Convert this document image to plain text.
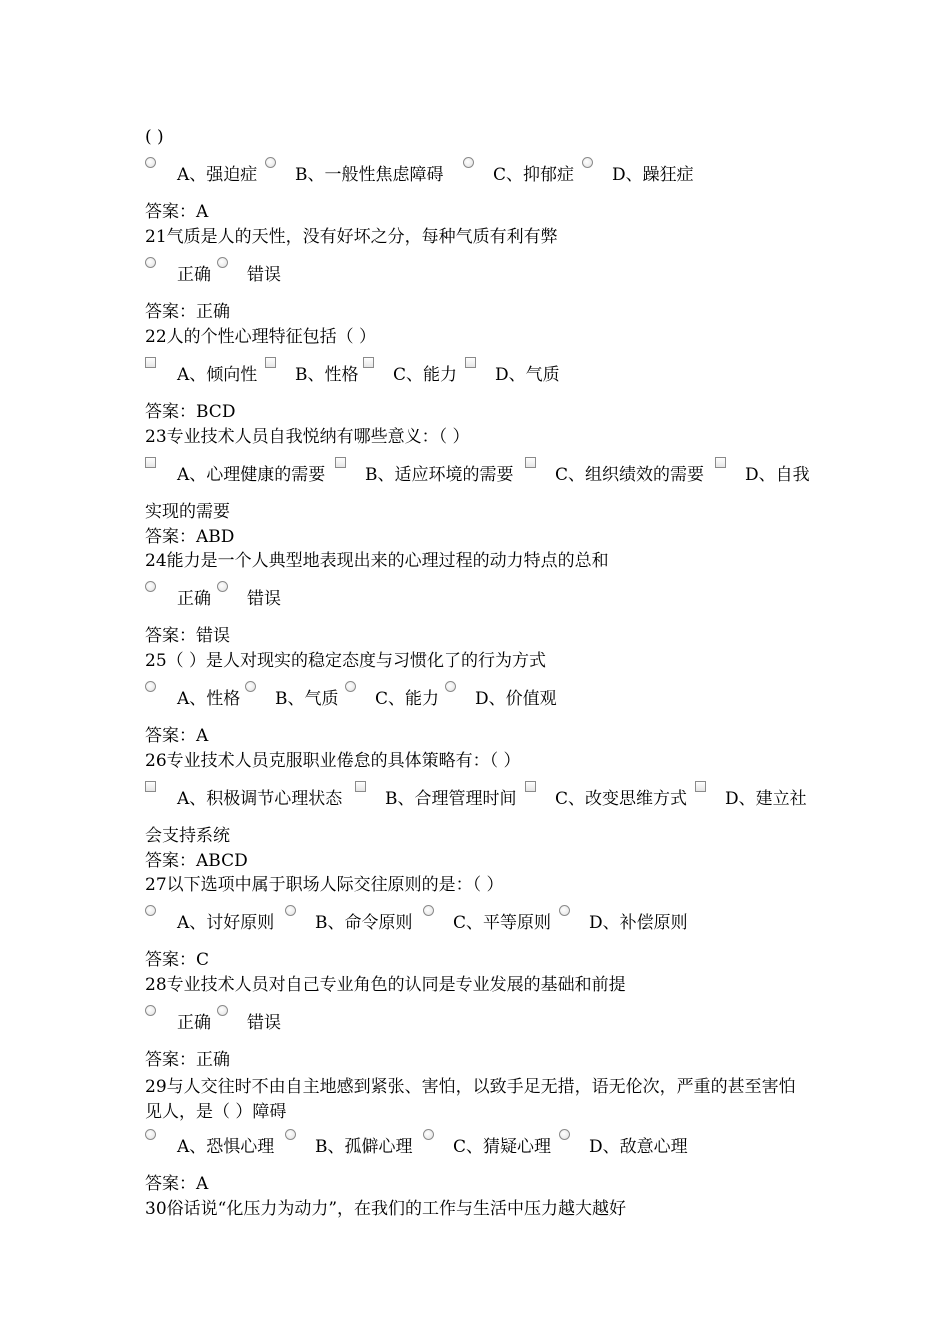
( )
A、强迫症 B、一般性焦虑障碍	C、抑郁症 D、躁狂症
答案：A
21气质是人的天性，没有好坏之分，每种气质有利有弊
正确 错误
答案：正确
22人的个性心理特征包括（ ）
A、倾向性 B、性格 C、能力 D、气质
答案：BCD
23专业技术人员自我悦纳有哪些意义：（ ）
A、心理健康的需要 B、适应环境的需要 C、组织绩效的需要 D、自我
实现的需要
答案：ABD
24能力是一个人典型地表现出来的心理过程的动力特点的总和
正确 错误
答案：错误
25（ ）是人对现实的稳定态度与习惯化了的行为方式
A、性格 B、气质 C、能力 D、价值观
答案：A
26专业技术人员克服职业倦怠的具体策略有：（ ）
A、积极调节心理状态	B、合理管理时间 C、改变思维方式 D、建立社
会支持系统
答案：ABCD
27以下选项中属于职场人际交往原则的是：（ ）
A、讨好原则 B、命令原则 C、平等原则 D、补偿原则
答案：C
28专业技术人员对自己专业角色的认同是专业发展的基础和前提
正确 错误
答案：正确
29与人交往时不由自主地感到紧张、害怕，以致手足无措，语无伦次，严重的甚至害怕见人，是（ ）障碍
A、恐惧心理 B、孤僻心理 C、猜疑心理 D、敌意心理
答案：A
30俗话说“化压力为动力”，在我们的工作与生活中压力越大越好
